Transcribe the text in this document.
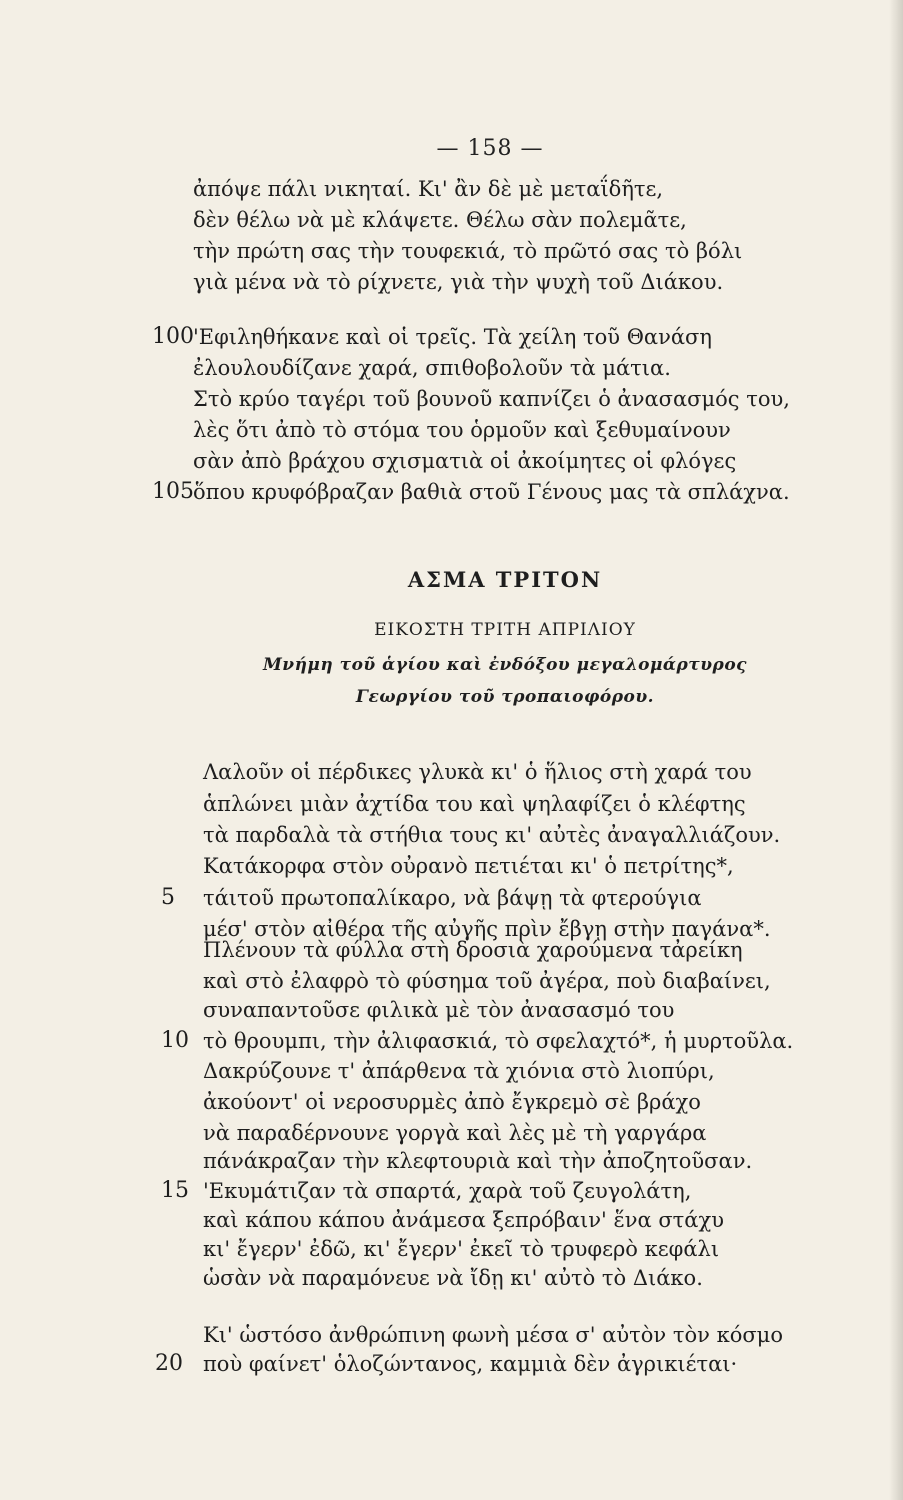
— 158 —
ἀπόψε πάλι νικηταί. Κι' ἂν δὲ μὲ μεταΐδῆτε,
δὲν θέλω νὰ μὲ κλάψετε. Θέλω σὰν πολεμᾶτε,
τὴν πρώτη σας τὴν τουφεκιά, τὸ πρῶτό σας τὸ βόλι
γιὰ μένα νὰ τὸ ρίχνετε, γιὰ τὴν ψυχὴ τοῦ Διάκου.
100 'Εφιληθήκανε καὶ οἱ τρεῖς. Τὰ χείλη τοῦ Θανάση
ἐλουλουδίζανε χαρά, σπιθοβολοῦν τὰ μάτια.
Στὸ κρύο ταγέρι τοῦ βουνοῦ καπνίζει ὁ ἀνασασμός του,
λὲς ὅτι ἀπὸ τὸ στόμα του ὁρμοῦν καὶ ξεθυμαίνουν
σὰν ἀπὸ βράχου σχισματιὰ οἱ ἀκοίμητες οἱ φλόγες
105 ὅπου κρυφόβραζαν βαθιὰ στοῦ Γένους μας τὰ σπλάχνα.
ΑΣΜΑ ΤΡΙΤΟΝ
ΕΙΚΟΣΤΗ ΤΡΙΤΗ ΑΠΡΙΛΙΟΥ
Μνήμη τοῦ ἁγίου καὶ ἐνδόξου μεγαλομάρτυρος
Γεωργίου τοῦ τροπαιοφόρου.
Λαλοῦν οἱ πέρδικες γλυκὰ κι' ὁ ἥλιος στὴ χαρά του
ἁπλώνει μιὰν ἀχτίδα του καὶ ψηλαφίζει ὁ κλέφτης
τὰ παρδαλὰ τὰ στήθια τους κι' αὐτὲς ἀναγαλλιάζουν.
Κατάκορφα στὸν οὐρανὸ πετιέται κι' ὁ πετρίτης*,
5	τάιτοῦ πρωτοπαλίκαρο, νὰ βάψῃ τὰ φτερούγια
μέσ' στὸν αἰθέρα τῆς αὐγῆς πρὶν ἔβγῃ στὴν παγάνα*.
Πλένουν τὰ φύλλα στὴ δροσιὰ χαρούμενα τἀρείκη
καὶ στὸ ἐλαφρὸ τὸ φύσημα τοῦ ἀγέρα, ποὺ διαβαίνει,
συναπαντοῦσε φιλικὰ μὲ τὸν ἀνασασμό του
10 τὸ θρουμπι, τὴν ἀλιφασκιά, τὸ σφελαχτό*, ἡ μυρτοῦλα.
Δακρύζουνε τ' ἀπάρθενα τὰ χιόνια στὸ λιοπύρι,
ἀκούοντ' οἱ νεροσυρμὲς ἀπὸ ἔγκρεμὸ σὲ βράχο
νὰ παραδέρνουνε γοργὰ καὶ λὲς μὲ τὴ γαργάρα
πάνάκραζαν τὴν κλεφτουριὰ καὶ τὴν ἀποζητοῦσαν.
15 'Εκυμάτιζαν τὰ σπαρτά, χαρὰ τοῦ ζευγολάτη,
καὶ κάπου κάπου ἀνάμεσα ξεπρόβαιν' ἕνα στάχυ
κι' ἔγερν' ἐδῶ, κι' ἔγερν' ἐκεῖ τὸ τρυφερὸ κεφάλι
ὡσὰν νὰ παραμόνευε νὰ ἴδῃ κι' αὐτὸ τὸ Διάκο.
Κι' ὡστόσο ἀνθρώπινη φωνὴ μέσα σ' αὐτὸν τὸν κόσμο
20 ποὺ φαίνετ' ὁλοζώντανος, καμμιὰ δὲν ἀγρικιέται·
